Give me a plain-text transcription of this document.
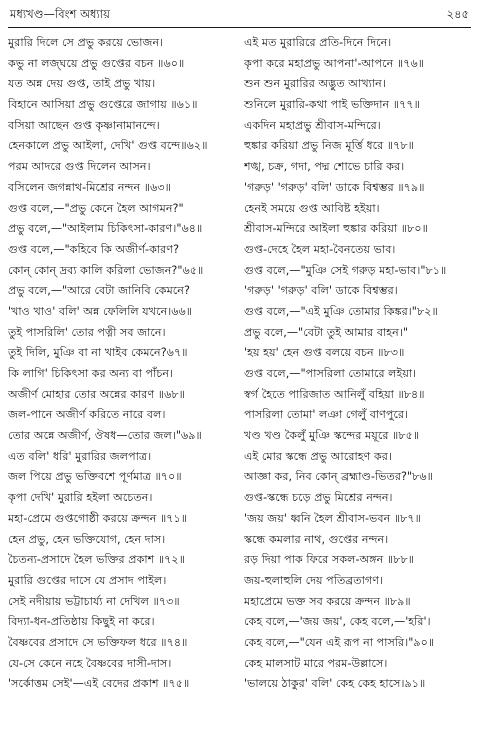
মধ্যখণ্ড—বিংশ অধ্যায়	২৪৫
মুরারি দিলে সে প্রভু করয়ে ভোজন।
কভু না লজ্ঘয়ে প্রভু গুপ্তের বচন ॥৬০॥
যত অন্ন দেয় গুপ্ত, তাই প্রভু খায়।
বিহানে আসিয়া প্রভু গুপ্তেরে জাগায় ॥৬১॥
বসিয়া আছেন গুপ্ত কৃষ্ণানামানন্দে।
হেনকালে প্রভু আইলা, দেখি' গুপ্ত বন্দে॥৬২॥
পরম আদরে গুপ্ত দিলেন আসন।
বসিলেন জগন্নাথ-মিশ্রের নন্দন ॥৬৩॥
গুপ্ত বলে,—"প্রভু কেনে হৈল আগমন?"
প্রভু বলে,—"আইলাম চিকিৎসা-কারণ।"৬৪॥
গুপ্ত বলে,—"কহিবে কি অজীর্ণ-কারণ?
কোন্ কোন্ দ্রব্য কালি করিলা ভোজন?"৬৫॥
প্রভু বলে,—"আরে বেটা জানিবি কেমনে?
'খাও খাও' বলি' অন্ন ফেলিলি যখনে।৬৬॥
তুই পাসরিলি' তোর পত্নী সব জানে।
তুই দিলি, মুঞি বা না খাইব কেমনে?৬৭॥
কি লাগি' চিকিৎসা কর অন্য বা পাঁচন।
অজীর্ণ মোহার তোর অন্নের কারণ ॥৬৮॥
জল-পানে অজীর্ণ করিতে নারে বল।
তোর অন্নে অজীর্ণ, ঔষধ—তোর জল।"৬৯॥
এত বলি' ধরি' মুরারির জলপাত্র।
জল পিয়ে প্রভু ভক্তিবশে পূর্ণমাত্র ॥৭০॥
কৃপা দেখি' মুরারি হইলা অচেতন।
মহা-প্রেমে গুপ্তগোষ্ঠী করয়ে ক্রন্দন ॥৭১॥
হেন প্রভু, হেন ভক্তিযোগ, হেন দাস।
চৈতন্য-প্রসাদে হৈল ভক্তির প্রকাশ ॥৭২॥
মুরারি গুপ্তের দাসে যে প্রসাদ পাইল।
সেই নদীয়ায় ভট্টাচার্য্য না দেখিল ॥৭৩॥
বিদ্যা-ধন-প্রতিষ্ঠায় কিছুই না করে।
বৈষ্ণবের প্রসাদে সে ভক্তিফল ধরে ॥৭৪॥
যে-সে কেনে নহে বৈষ্ণবের দাসী-দাস।
'সর্কোত্তম সেই'—এই বেদের প্রকাশ ॥৭৫॥
এই মত মুরারিরে প্রতি-দিনে দিনে।
কৃপা করে মহাপ্রভু আপনা'-আপনে ॥৭৬॥
শুন শুন মুরারির অদ্ভুত আখ্যান।
শুনিলে মুরারি-কথা পাই ভক্তিদান ॥৭৭॥
একদিন মহাপ্রভু শ্রীবাস-মন্দিরে।
হুঙ্কার করিয়া প্রভু নিজ মূর্ত্তি ধরে ॥৭৮॥
শঙ্খ, চক্র, গদা, পদ্ম শোভে চারি কর।
'গরুড়' 'গরুড়' বলি' ডাকে বিশ্বম্ভর ॥৭৯॥
হেনই সময়ে গুপ্ত আবিষ্ট হইয়া।
শ্রীবাস-মন্দিরে আইলা হুঙ্কার করিয়া ॥৮০॥
গুপ্ত-দেহে হৈল মহা-বৈনতেয় ভাব।
গুপ্ত বলে,—"মুঞি সেই গরুড় মহা-ভাব।"৮১॥
'গরুড়' 'গরুড়' বলি' ডাকে বিশ্বম্ভর।
গুপ্ত বলে,—"এই মুঞি তোমার কিঙ্কর।"৮২॥
প্রভু বলে,—"বেটা তুই আমার বাহন।"
'হয় হয়' হেন গুপ্ত বলয়ে বচন ॥৮৩॥
গুপ্ত বলে,—"পাসরিলা তোমারে লইয়া।
স্বর্গ হৈতে পারিজাত আনিলুঁ বহিয়া ॥৮৪॥
পাসরিলা তোমা' লঞা গেলুঁ বাণপুরে।
খণ্ড খণ্ড কৈলুঁ মুঞি স্কন্দের ময়ূরে ॥৮৫॥
এই মোর স্কন্ধে প্রভু আরোহণ কর।
আজ্ঞা কর, নিব কোন্ ব্রহ্মাণ্ড-ভিতর?"৮৬॥
গুপ্ত-স্কন্ধে চড়ে প্রভু মিশ্রের নন্দন।
'জয় জয়' ধ্বনি হৈল শ্রীবাস-ভবন ॥৮৭॥
স্কন্ধে কমলার নাথ, গুপ্তের নন্দন।
রড় দিয়া পাক ফিরে সকল-অঙ্গন ॥৮৮॥
জয়-হুলাহুলি দেয় পতিব্রতাগণ।
মহাপ্রেমে ভক্ত সব করয়ে ক্রন্দন ॥৮৯॥
কেহ বলে,—'জয় জয়', কেহ বলে,—'হরি'।
কেহ বলে,—"যেন এই রূপ না পাসরি।"৯০॥
কেহ মালসাট মারে পরম-উল্লাসে।
'ভালয়ে ঠাকুর' বলি' কেহ কেহ হাসে।৯১॥
